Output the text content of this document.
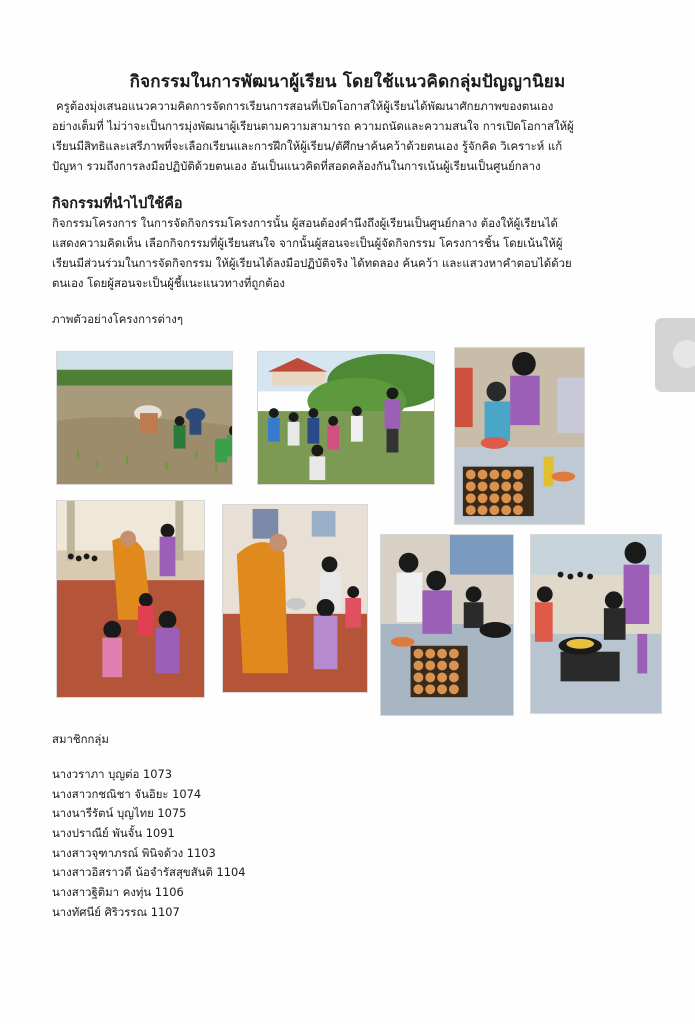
กิจกรรมในการพัฒนาผู้เรียน โดยใช้แนวคิดกลุ่มปัญญานิยม
ครูต้องมุ่งเสนอแนวความคิดการจัดการเรียนการสอนที่เปิดโอกาสให้ผู้เรียนได้พัฒนาศักยภาพของตนเอง
อย่างเต็มที่ ไม่ว่าจะเป็นการมุ่งพัฒนาผู้เรียนตามความสามารถ ความถนัดและความสนใจ การเปิดโอกาสให้ผู้
เรียนมีสิทธิและเสรีภาพที่จะเลือกเรียนและการฝึกให้ผู้เรียน/ตัศึกษาค้นคว้าด้วยตนเอง รู้จักคิด วิเคราะห์ แก้
ปัญหา รวมถึงการลงมือปฏิบัติด้วยตนเอง อันเป็นแนวคิดที่สอดคล้องกันในการเน้นผู้เรียนเป็นศูนย์กลาง
กิจกรรมที่นำไปใช้คือ
กิจกรรมโครงการ ในการจัดกิจกรรมโครงการนั้น ผู้สอนต้องคำนึงถึงผู้เรียนเป็นศูนย์กลาง ต้องให้ผู้เรียนได้
แสดงความคิดเห็น เลือกกิจกรรมที่ผู้เรียนสนใจ จากนั้นผู้สอนจะเป็นผู้จัดกิจกรรม โครงการชิ้น โดยเน้นให้ผู้
เรียนมีส่วนร่วมในการจัดกิจกรรม ให้ผู้เรียนได้ลงมือปฏิบัติจริง ได้ทดลอง ค้นคว้า และแสวงหาคำตอบได้ด้วย
ตนเอง โดยผู้สอนจะเป็นผู้ชี้แนะแนวทางที่ถูกต้อง
ภาพตัวอย่างโครงการต่างๆ
สมาชิกกลุ่ม
นางวราภา บุญต่อ 1073
นางสาวกชณิชา จันอิยะ 1074
นางนารีรัตน์ บุญไทย 1075
นางปราณีย์ พันจั้น 1091
นางสาวจุฑาภรณ์ พินิจด้วง 1103
นางสาวอิสราวดี น้อจำรัสสุขสันติ 1104
นางสาวฐิติมา คงทุ่น 1106
นางทัศนีย์ ศิริวรรณ 1107
